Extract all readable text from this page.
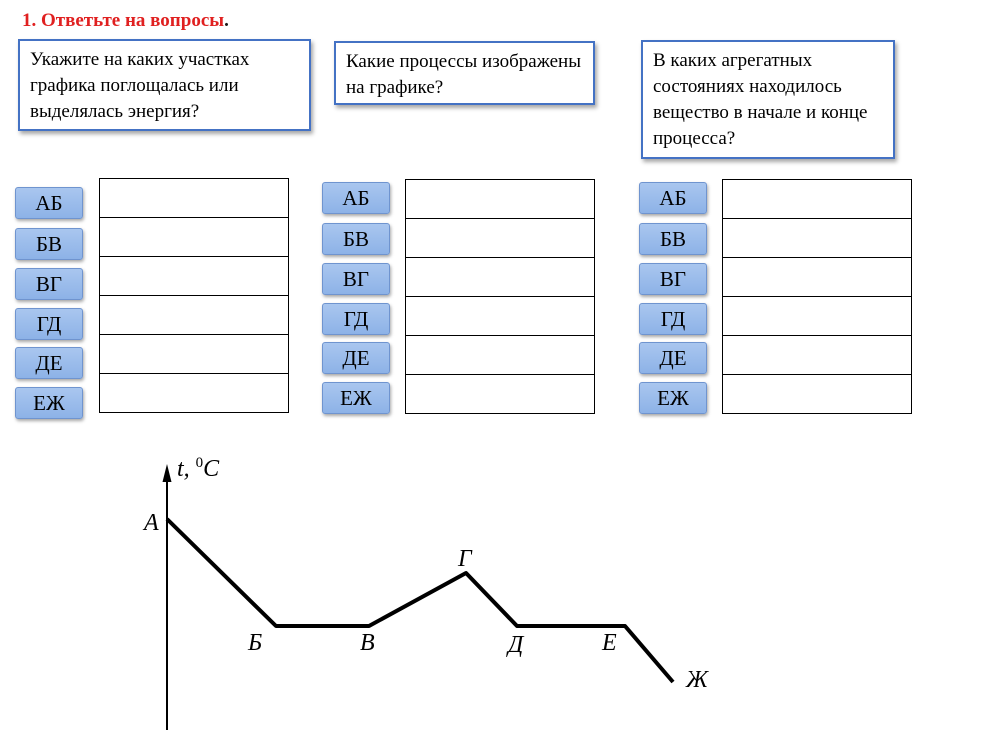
1. Ответьте на вопросы.
Укажите на каких участках графика поглощалась или выделялась энергия?
Какие процессы изображены на графике?
В каких агрегатных состояниях находилось вещество в начале и конце процесса?
АБ
БВ
ВГ
ГД
ДЕ
ЕЖ

АБ
БВ
ВГ
ГД
ДЕ
ЕЖ

АБ
БВ
ВГ
ГД
ДЕ
ЕЖ

t, $^0$C
А
Б	В
Г
Д	Е
Ж
